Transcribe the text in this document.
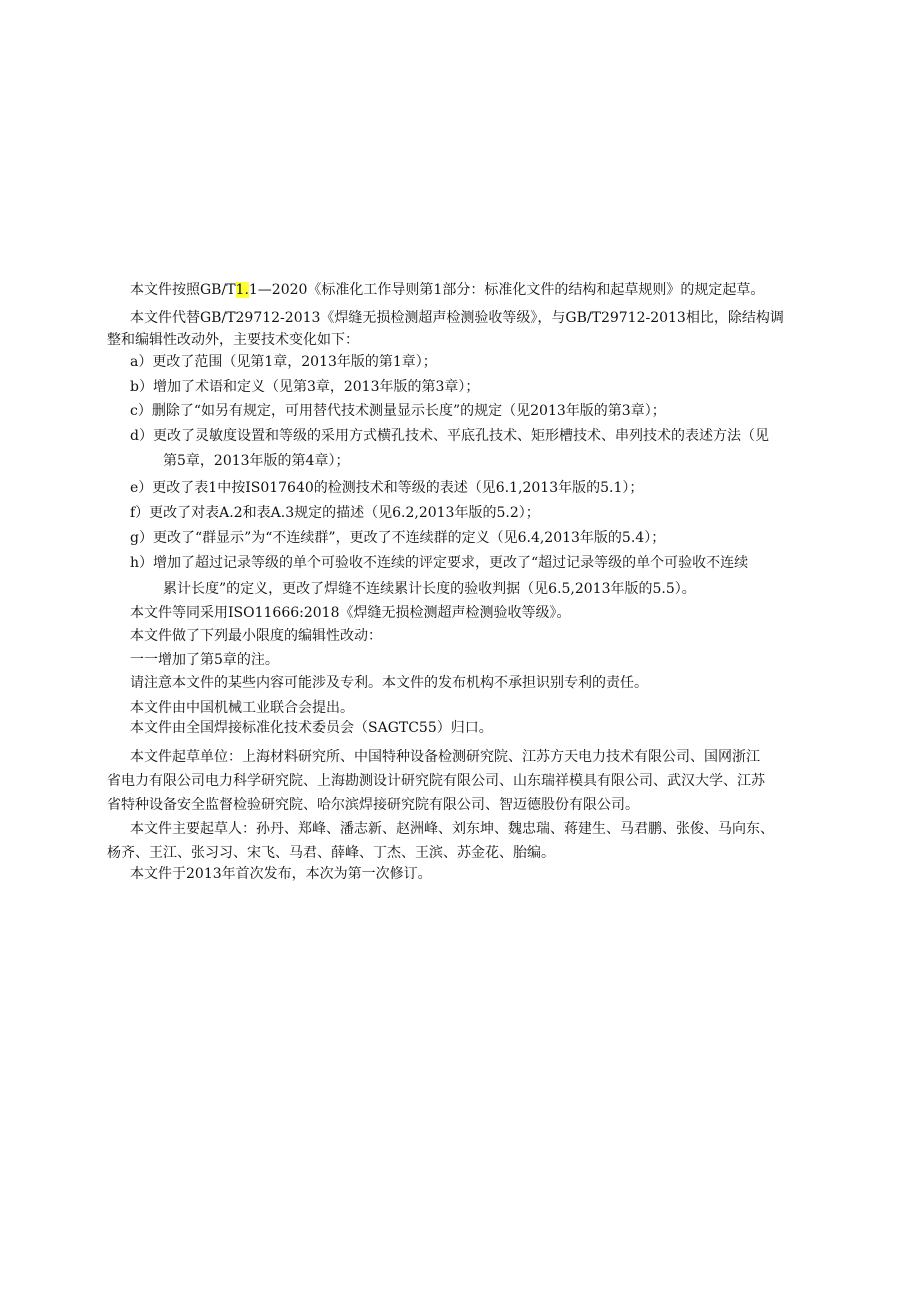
本文件按照GB/T1.1—2020《标准化工作导则第1部分：标准化文件的结构和起草规则》的规定起草。
本文件代替GB/T29712-2013《焊缝无损检测超声检测验收等级》，与GB/T29712-2013相比，除结构调
整和编辑性改动外，主要技术变化如下：
a）更改了范围（见第1章，2013年版的第1章）；
b）增加了术语和定义（见第3章，2013年版的第3章）；
c）删除了“如另有规定，可用替代技术测量显示长度”的规定（见2013年版的第3章）；
d）更改了灵敏度设置和等级的采用方式横孔技术、平底孔技术、矩形槽技术、串列技术的表述方法（见
第5章，2013年版的第4章）；
e）更改了表1中按IS017640的检测技术和等级的表述（见6.1,2013年版的5.1）；
f）更改了对表A.2和表A.3规定的描述（见6.2,2013年版的5.2）；
g）更改了“群显示”为“不连续群”，更改了不连续群的定义（见6.4,2013年版的5.4）；
h）增加了超过记录等级的单个可验收不连续的评定要求，更改了“超过记录等级的单个可验收不连续
累计长度”的定义，更改了焊缝不连续累计长度的验收判据（见6.5,2013年版的5.5）。
本文件等同采用ISO11666:2018《焊缝无损检测超声检测验收等级》。
本文件做了下列最小限度的编辑性改动：
一一增加了第5章的注。
请注意本文件的某些内容可能涉及专利。本文件的发布机构不承担识别专利的责任。
本文件由中国机械工业联合会提出。
本文件由全国焊接标准化技术委员会（SAGTC55）归口。
本文件起草单位：上海材料研究所、中国特种设备检测研究院、江苏方天电力技术有限公司、国网浙江
省电力有限公司电力科学研究院、上海勘测设计研究院有限公司、山东瑞祥模具有限公司、武汉大学、江苏
省特种设备安全监督检验研究院、哈尔滨焊接研究院有限公司、智迈德股份有限公司。
本文件主要起草人：孙丹、郑峰、潘志新、赵洲峰、刘东坤、魏忠瑞、蒋建生、马君鹏、张俊、马向东、
杨齐、王江、张习习、宋飞、马君、薛峰、丁杰、王滨、苏金花、胎编。
本文件于2013年首次发布，本次为第一次修订。
